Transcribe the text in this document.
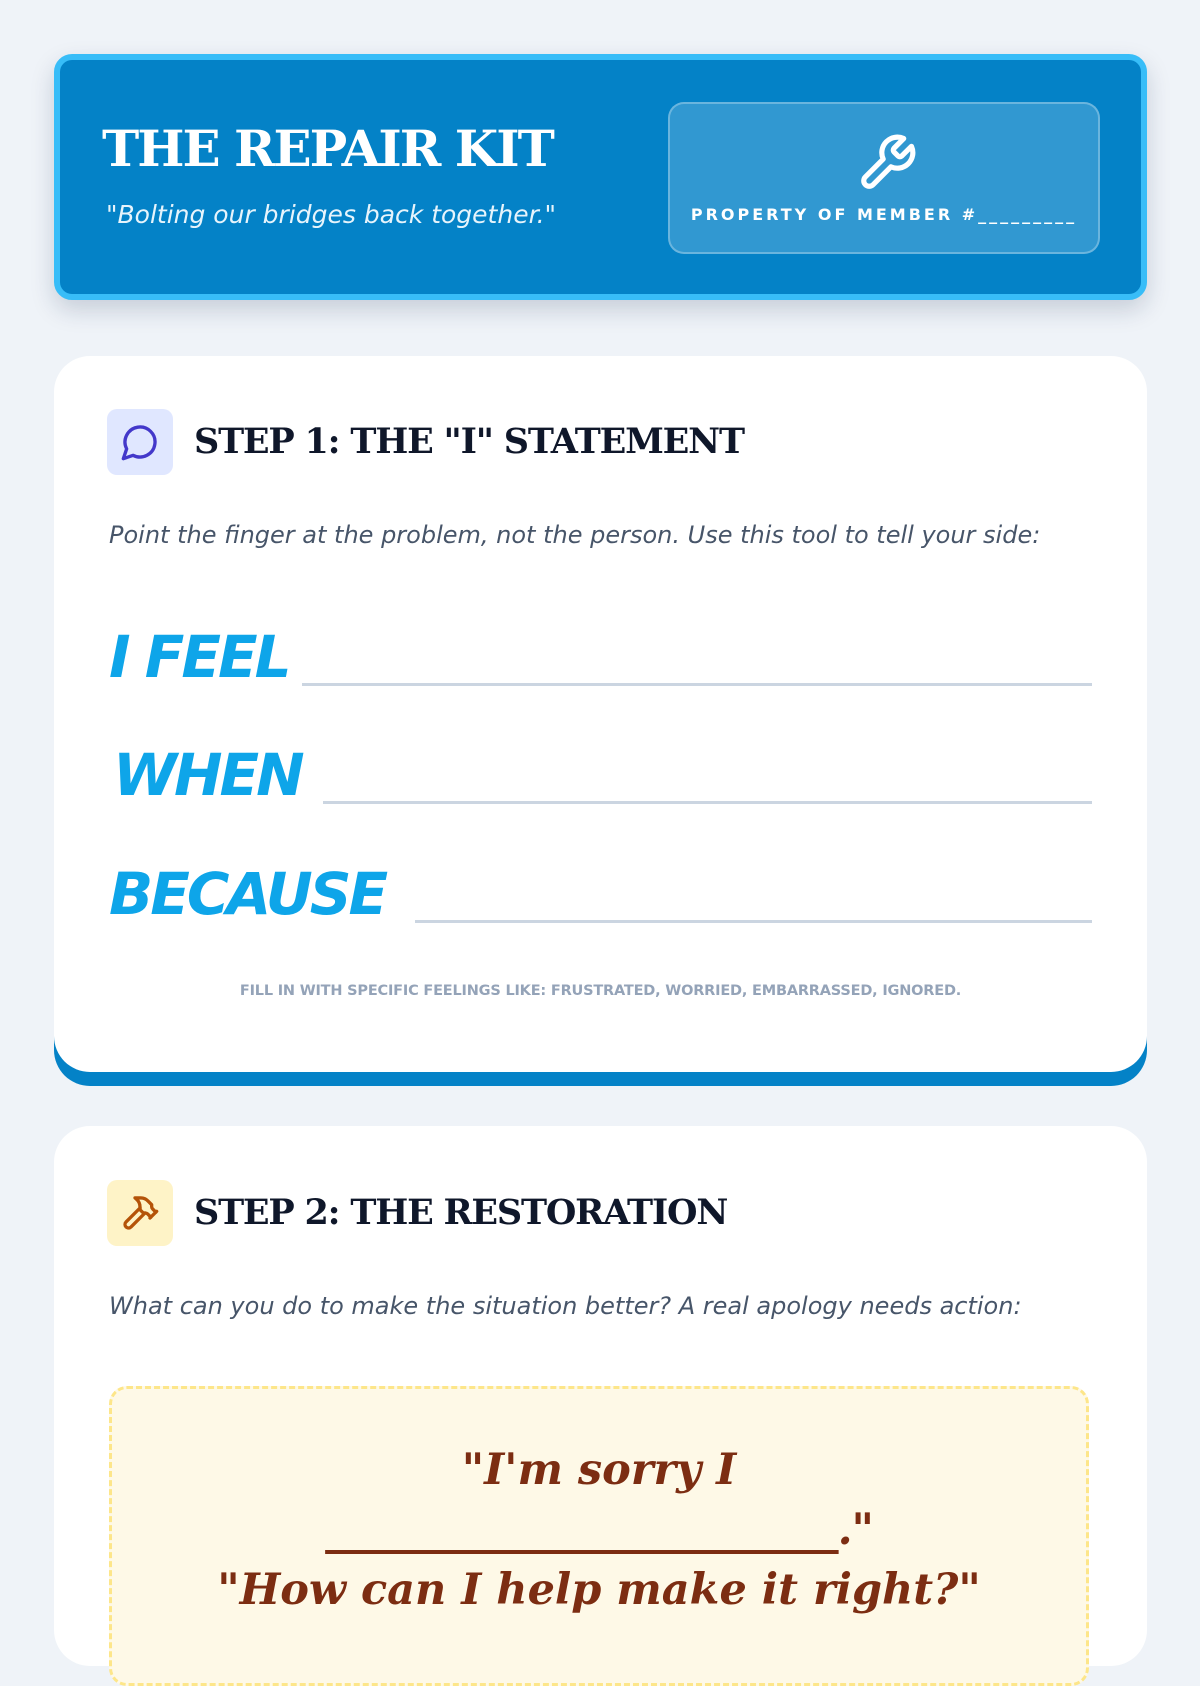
THE REPAIR KIT
"Bolting our bridges back together."	PROPERTY OF MEMBER #_________
STEP 1: THE "I" STATEMENT
Point the finger at the problem, not the person. Use this tool to tell your side:
I FEEL
WHEN
BECAUSE
FILL IN WITH SPECIFIC FEELINGS LIKE: FRUSTRATED, WORRIED, EMBARRASSED, IGNORED.
STEP 2: THE RESTORATION
What can you do to make the situation better? A real apology needs action:
"I'm sorry I
_________________________."
"How can I help make it right?"
